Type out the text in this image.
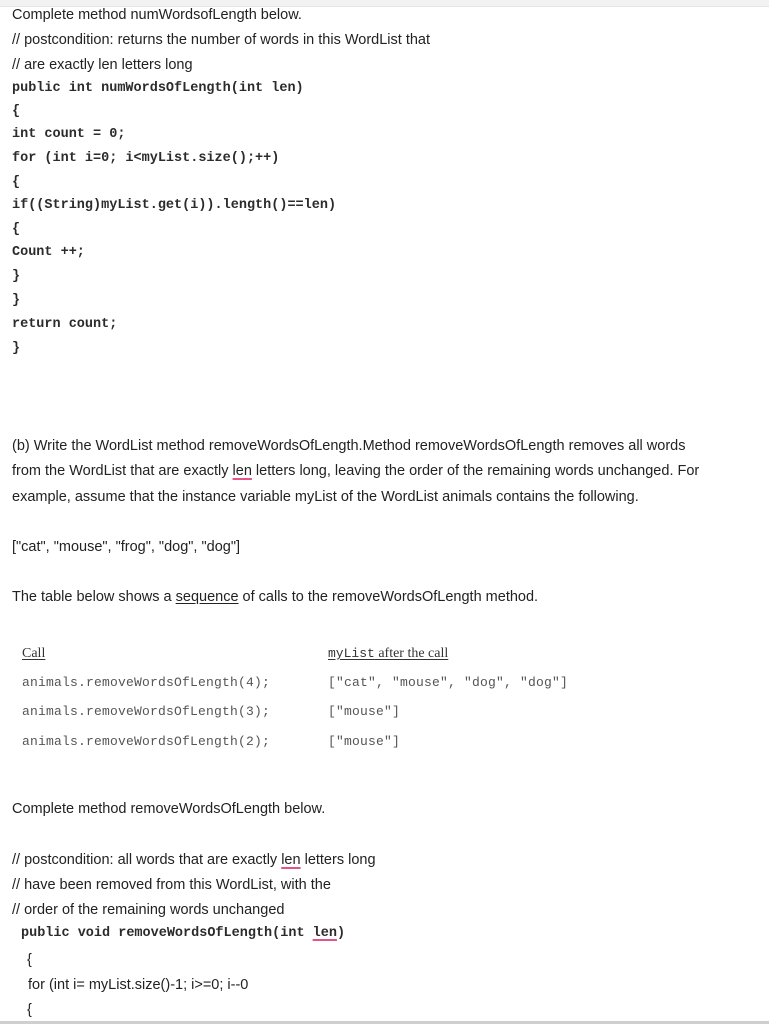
Complete method numWordsofLength below.
// postcondition: returns the number of words in this WordList that
// are exactly len letters long
public int numWordsOfLength(int len)
{
int count = 0;
for (int i=0; i<myList.size();++)
{
if((String)myList.get(i)).length()==len)
{
Count ++;
}
}
return count;
}
(b) Write the WordList method removeWordsOfLength.Method removeWordsOfLength removes all words
from the WordList that are exactly len letters long, leaving the order of the remaining words unchanged. For
example, assume that the instance variable myList of the WordList animals contains the following.
["cat", "mouse", "frog", "dog", "dog"]
The table below shows a sequence of calls to the removeWordsOfLength method.
Call	myList after the call
animals.removeWordsOfLength(4);	["cat", "mouse", "dog", "dog"]
animals.removeWordsOfLength(3);	["mouse"]
animals.removeWordsOfLength(2);	["mouse"]
Complete method removeWordsOfLength below.
// postcondition: all words that are exactly len letters long
// have been removed from this WordList, with the
// order of the remaining words unchanged
public void removeWordsOfLength(int len)
{
for (int i= myList.size()-1; i>=0; i--0
{
